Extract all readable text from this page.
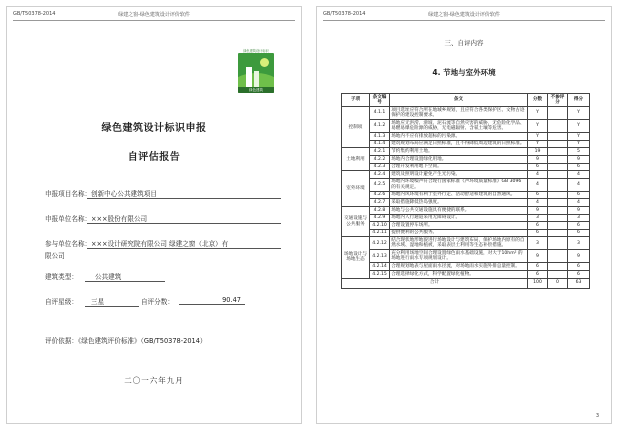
GB/T50378-2014	绿建之窗-绿色建筑设计评价软件
绿色建筑设计标识
绿色建筑
绿色建筑设计标识申报
自评估报告
申报项目名称： 创新中心公共建筑项目
申报单位名称： ×××股份有限公司
参与单位名称： ×××设计研究院有限公司 绿建之窗（北京）有
限公司
建筑类型：	公共建筑
自评星级：	三星	自评分数：	90.47
评价依据：《绿色建筑评价标准》（GB/T50378-2014）
二〇一六年九月
GB/T50378-2014	绿建之窗-绿色建筑设计评价软件
三、自评内容
4. 节地与室外环境
子项	条文编号	条文	分数	不参评分	得分
控制项	4.1.1	项目选址应符合所在地城乡规划，且应符合各类保护区、文物古迹保护的建设控制要求。	Y		Y
	4.1.2	场地应无洪涝、滑坡、泥石流等自然灾害的威胁，无危险化学品、易燃易爆危险源的威胁，无电磁辐射、含氡土壤等危害。	Y		Y
	4.1.3	场地内不应有排放超标的污染源。	Y		Y
	4.1.4	建筑规划布局应满足日照标准，且不得降低周边建筑的日照标准。	Y		Y
土地利用	4.2.1	节约集约利用土地。	19		5
	4.2.2	场地内合理设置绿化用地。	9		9
	4.2.3	合理开发利用地下空间。	6		6
室外环境	4.2.4	建筑及照明设计避免产生光污染。	4		4
	4.2.5	场地内环境噪声符合现行国家标准《声环境质量标准》GB 3096 的有关规定。	4		4
	4.2.6	场地内风环境有利于室外行走、活动舒适和建筑的自然通风。	6		6
	4.2.7	采取措施降低热岛强度。	4		4
交通设施与公共服务	4.2.8	场地与公共交通设施具有便捷的联系。	9		9
	4.2.9	场地内人行通道采用无障碍设计。	3		3
	4.2.10	合理设置停车场所。	6		6
	4.2.11	提供便利的公共服务。	6		6
场地设计与场地生态	4.2.12	结合现状地形地貌进行场地设计与建筑布局，保护场地内原有的自然水域、湿地和植被，采取表层土利用等生态补偿措施。	3		3
	4.2.13	充分利用场地空间合理设置绿色雨水基础设施，对大于10hm² 的场地进行雨水专项规划设计。	9		9
	4.2.14	合理规划地表与屋面雨水径流，对场地雨水实施外排总量控制。	6		6
	4.2.15	合理选择绿化方式，科学配置绿化植物。	6		6
合计			100	0	63
3
